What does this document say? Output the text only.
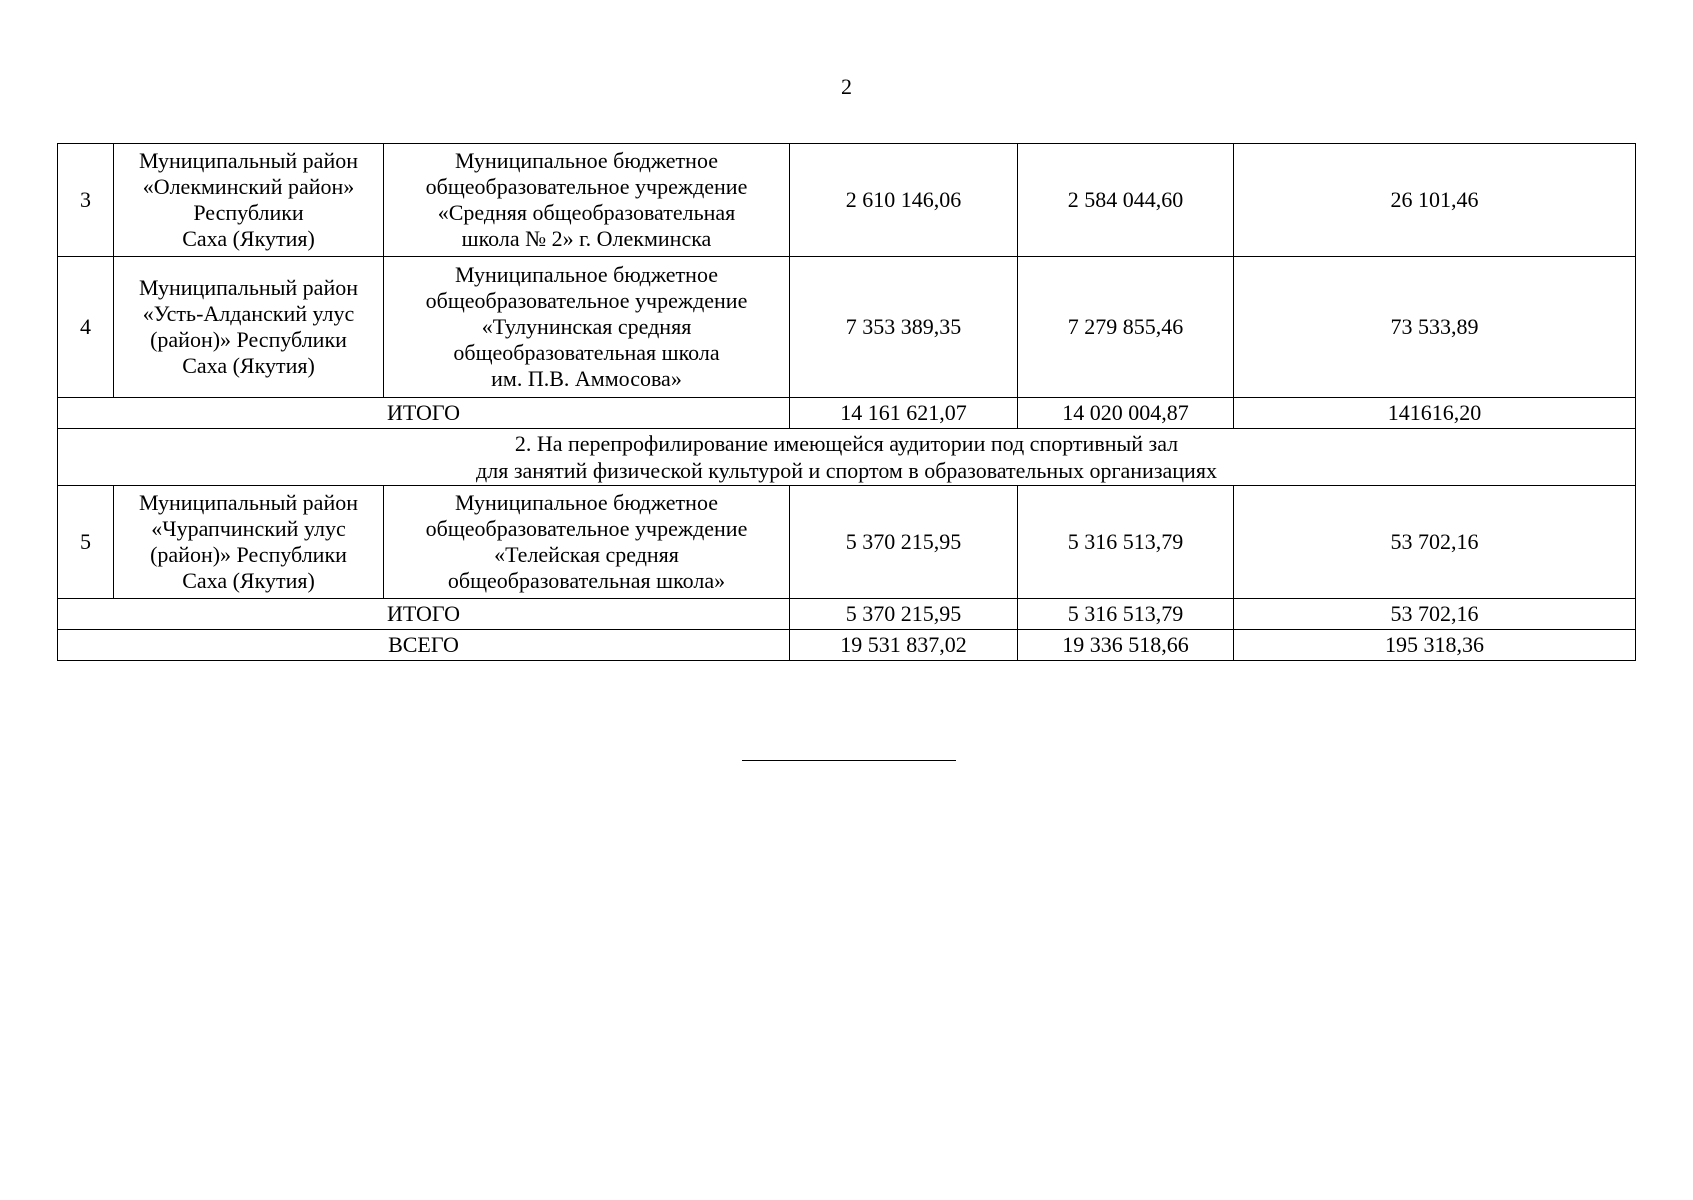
2
3	Муниципальный район
«Олекминский район»
Республики
Саха (Якутия)	Муниципальное бюджетное
общеобразовательное учреждение
«Средняя общеобразовательная
школа № 2» г. Олекминска	2 610 146,06	2 584 044,60	26 101,46
4	Муниципальный район
«Усть-Алданский улус
(район)» Республики
Саха (Якутия)	Муниципальное бюджетное
общеобразовательное учреждение
«Тулунинская средняя
общеобразовательная школа
им. П.В. Аммосова»	7 353 389,35	7 279 855,46	73 533,89
ИТОГО			14 161 621,07	14 020 004,87	141616,20

2. На перепрофилирование имеющейся аудитории под спортивный зал
для занятий физической культурой и спортом в образовательных организациях					

5	Муниципальный район
«Чурапчинский улус
(район)» Республики
Саха (Якутия)	Муниципальное бюджетное
общеобразовательное учреждение
«Телейская средняя
общеобразовательная школа»	5 370 215,95	5 316 513,79	53 702,16
ИТОГО			5 370 215,95	5 316 513,79	53 702,16
ВСЕГО			19 531 837,02	19 336 518,66	195 318,36
